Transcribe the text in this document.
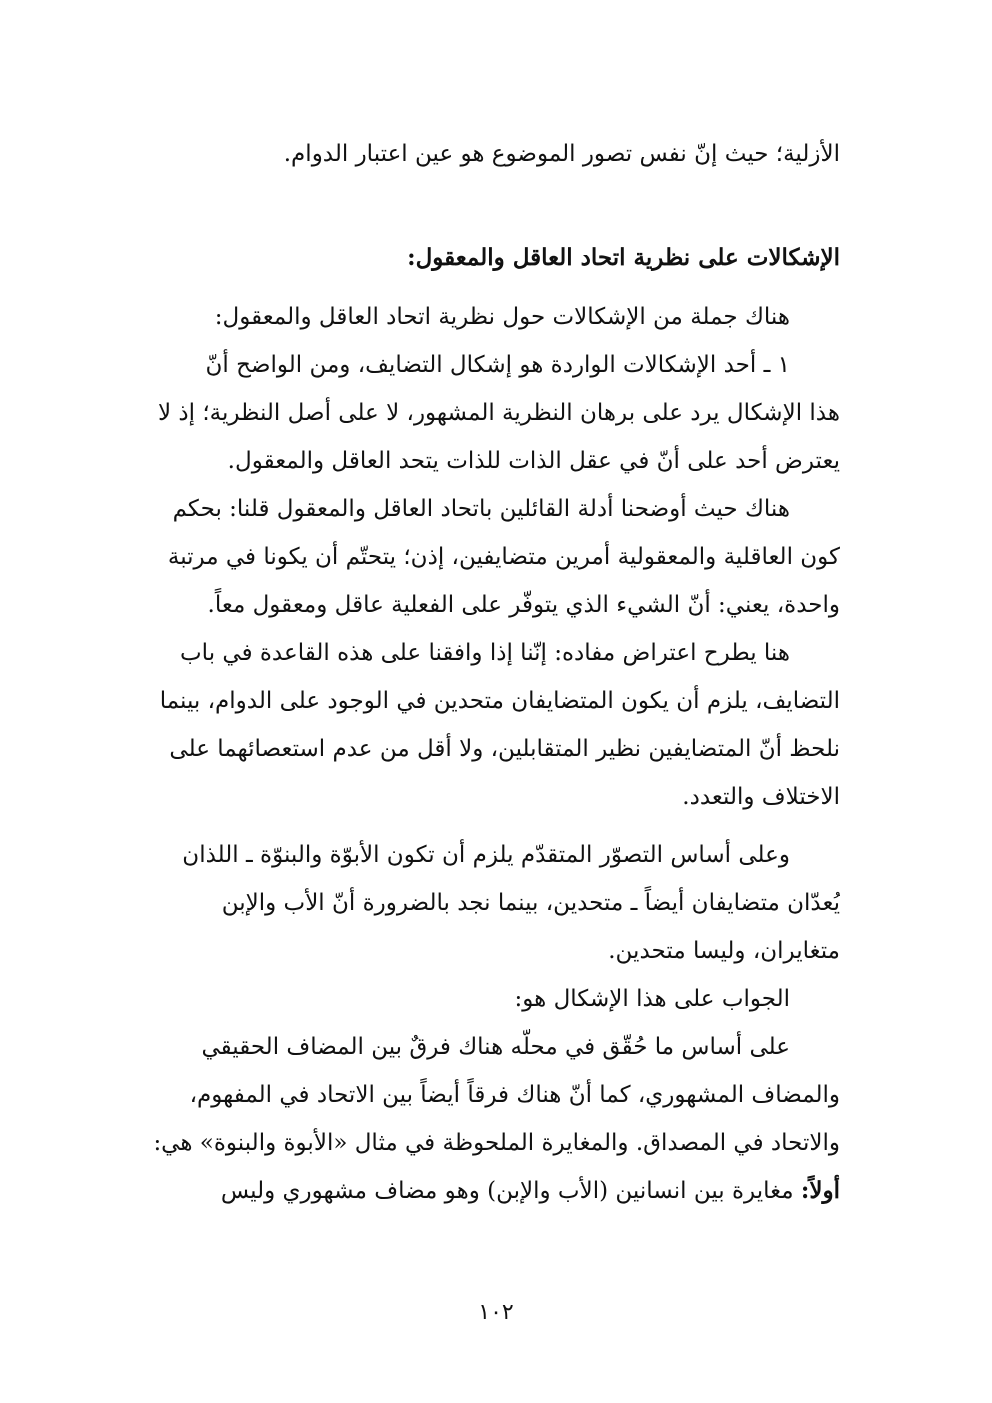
الأزلية؛ حيث إنّ نفس تصور الموضوع هو عين اعتبار الدوام.
الإشكالات على نظرية اتحاد العاقل والمعقول:
هناك جملة من الإشكالات حول نظرية اتحاد العاقل والمعقول:
١ ـ أحد الإشكالات الواردة هو إشكال التضايف، ومن الواضح أنّ
هذا الإشكال يرد على برهان النظرية المشهور، لا على أصل النظرية؛ إذ لا
يعترض أحد على أنّ في عقل الذات للذات يتحد العاقل والمعقول.
هناك حيث أوضحنا أدلة القائلين باتحاد العاقل والمعقول قلنا: بحكم
كون العاقلية والمعقولية أمرين متضايفين، إذن؛ يتحتّم أن يكونا في مرتبة
واحدة، يعني: أنّ الشيء الذي يتوفّر على الفعلية عاقل ومعقول معاً.
هنا يطرح اعتراض مفاده: إنّنا إذا وافقنا على هذه القاعدة في باب
التضايف، يلزم أن يكون المتضايفان متحدين في الوجود على الدوام، بينما
نلحظ أنّ المتضايفين نظير المتقابلين، ولا أقل من عدم استعصائهما على
الاختلاف والتعدد.
وعلى أساس التصوّر المتقدّم يلزم أن تكون الأبوّة والبنوّة ـ اللذان
يُعدّان متضايفان أيضاً ـ متحدين، بينما نجد بالضرورة أنّ الأب والإبن
متغايران، وليسا متحدين.
الجواب على هذا الإشكال هو:
على أساس ما حُقّق في محلّه هناك فرقٌ بين المضاف الحقيقي
والمضاف المشهوري، كما أنّ هناك فرقاً أيضاً بين الاتحاد في المفهوم،
والاتحاد في المصداق. والمغايرة الملحوظة في مثال «الأبوة والبنوة» هي:
أولاً: مغايرة بين انسانين (الأب والإبن) وهو مضاف مشهوري وليس
١٠٢
